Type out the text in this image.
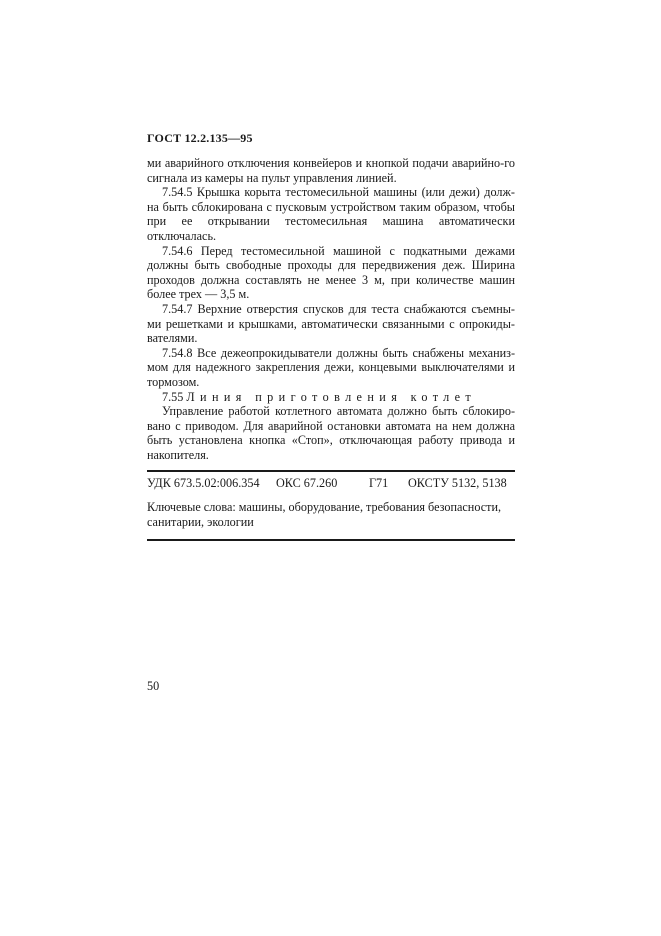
ГОСТ 12.2.135—95

ми аварийного отключения конвейеров и кнопкой подачи аварийно-го сигнала из камеры на пульт управления линией.

7.54.5 Крышка корыта тестомесильной машины (или дежи) долж-на быть сблокирована с пусковым устройством таким образом, чтобы при ее открывании тестомесильная машина автоматически отключалась.

7.54.6 Перед тестомесильной машиной с подкатными дежами должны быть свободные проходы для передвижения деж. Ширина проходов должна составлять не менее 3 м, при количестве машин более трех — 3,5 м.

7.54.7 Верхние отверстия спусков для теста снабжаются съемны-ми решетками и крышками, автоматически связанными с опрокиды-вателями.

7.54.8 Все дежеопрокидыватели должны быть снабжены механиз-мом для надежного закрепления дежи, концевыми выключателями и тормозом.

7.55 Линия приготовления котлет

Управление работой котлетного автомата должно быть сблокиро-вано с приводом. Для аварийной остановки автомата на нем должна быть установлена кнопка «Стоп», отключающая работу привода и накопителя.

УДК 673.5.02:006.354 ОКС 67.260	Г71 ОКСТУ 5132, 5138

Ключевые слова: машины, оборудование, требования безопасности, санитарии, экологии

50
